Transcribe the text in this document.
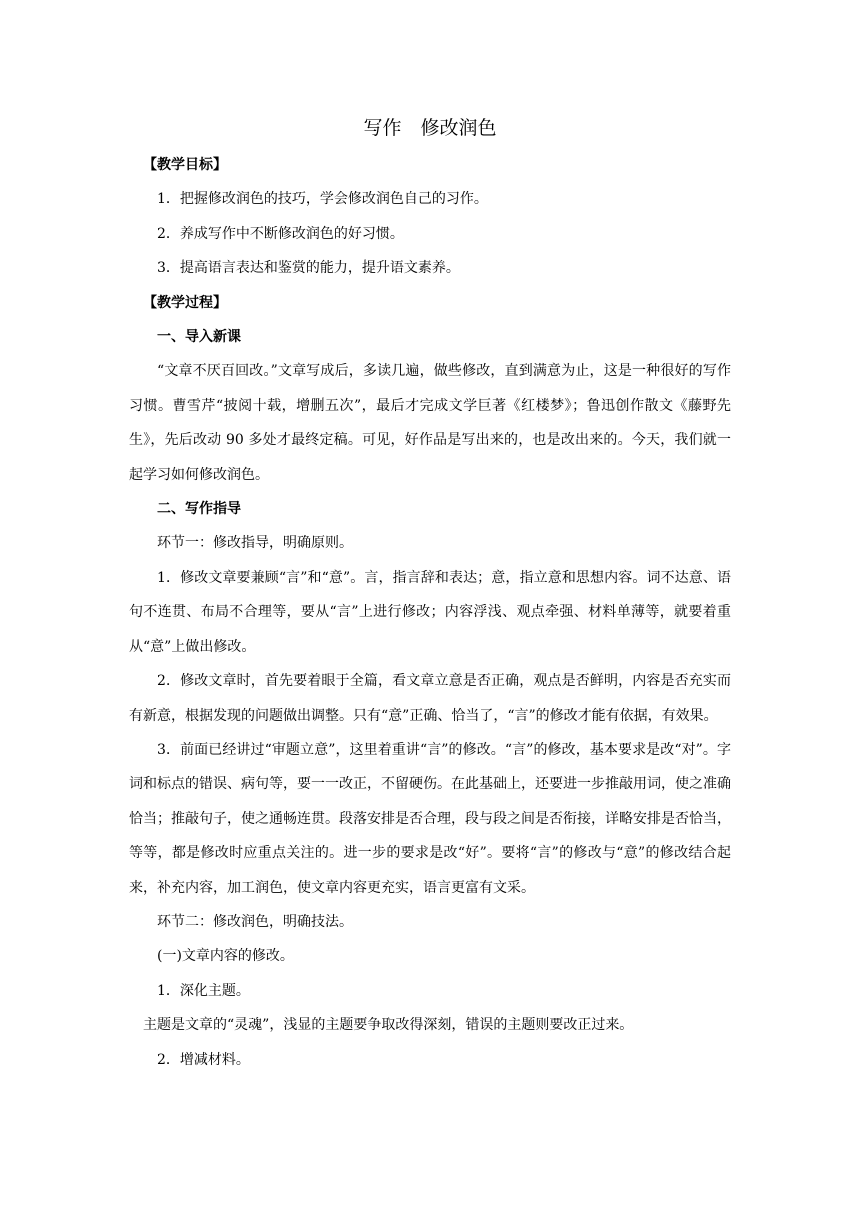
写作　修改润色

【教学目标】

1．把握修改润色的技巧，学会修改润色自己的习作。

2．养成写作中不断修改润色的好习惯。

3．提高语言表达和鉴赏的能力，提升语文素养。

【教学过程】

一、导入新课

“文章不厌百回改。”文章写成后，多读几遍，做些修改，直到满意为止，这是一种很好的写作习惯。曹雪芹“披阅十载，增删五次”，最后才完成文学巨著《红楼梦》；鲁迅创作散文《藤野先生》，先后改动 90 多处才最终定稿。可见，好作品是写出来的，也是改出来的。今天，我们就一起学习如何修改润色。

二、写作指导

环节一：修改指导，明确原则。

1．修改文章要兼顾“言”和“意”。言，指言辞和表达；意，指立意和思想内容。词不达意、语句不连贯、布局不合理等，要从“言”上进行修改；内容浮浅、观点牵强、材料单薄等，就要着重从“意”上做出修改。

2．修改文章时，首先要着眼于全篇，看文章立意是否正确，观点是否鲜明，内容是否充实而有新意，根据发现的问题做出调整。只有“意”正确、恰当了，“言”的修改才能有依据，有效果。

3．前面已经讲过“审题立意”，这里着重讲“言”的修改。“言”的修改，基本要求是改“对”。字词和标点的错误、病句等，要一一改正，不留硬伤。在此基础上，还要进一步推敲用词，使之准确恰当；推敲句子，使之通畅连贯。段落安排是否合理，段与段之间是否衔接，详略安排是否恰当，等等，都是修改时应重点关注的。进一步的要求是改“好”。要将“言”的修改与“意”的修改结合起来，补充内容，加工润色，使文章内容更充实，语言更富有文采。

环节二：修改润色，明确技法。

(一)文章内容的修改。

1．深化主题。

主题是文章的“灵魂”，浅显的主题要争取改得深刻，错误的主题则要改正过来。

2．增减材料。
